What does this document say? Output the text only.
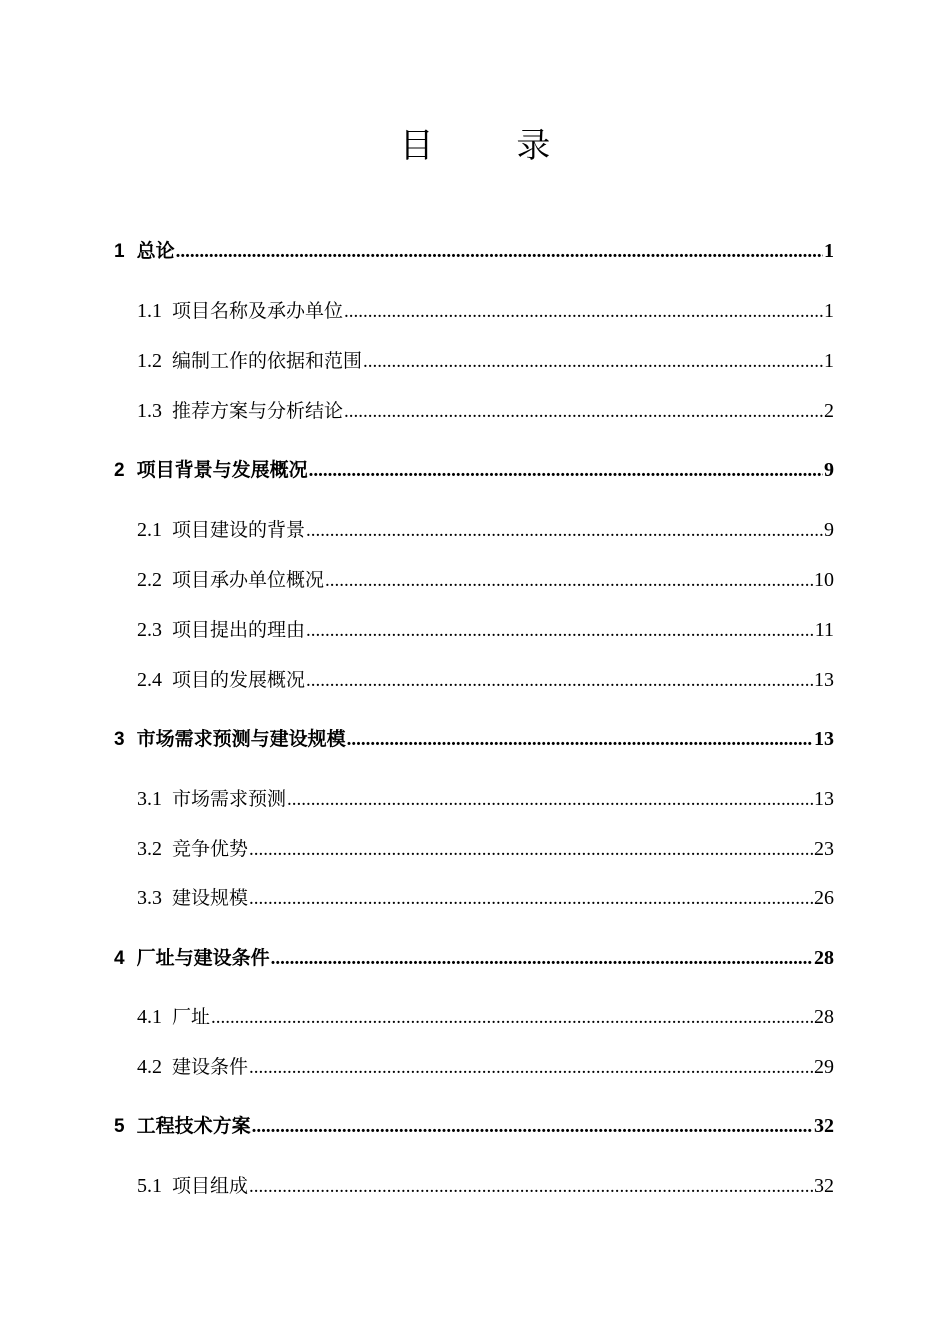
目 录
1 总论 .....	1
1.1 项目名称及承办单位 .....	1
1.2 编制工作的依据和范围 .....	1
1.3 推荐方案与分析结论 .....	2
2 项目背景与发展概况 .....	9
2.1 项目建设的背景 .....	9
2.2 项目承办单位概况 .....	10
2.3 项目提出的理由 .....	11
2.4 项目的发展概况 .....	13
3 市场需求预测与建设规模 .....	13
3.1 市场需求预测 .....	13
3.2 竞争优势 .....	23
3.3 建设规模 .....	26
4 厂址与建设条件 .....	28
4.1 厂址 .....	28
4.2 建设条件 .....	29
5 工程技术方案 .....	32
5.1 项目组成 .....	32
